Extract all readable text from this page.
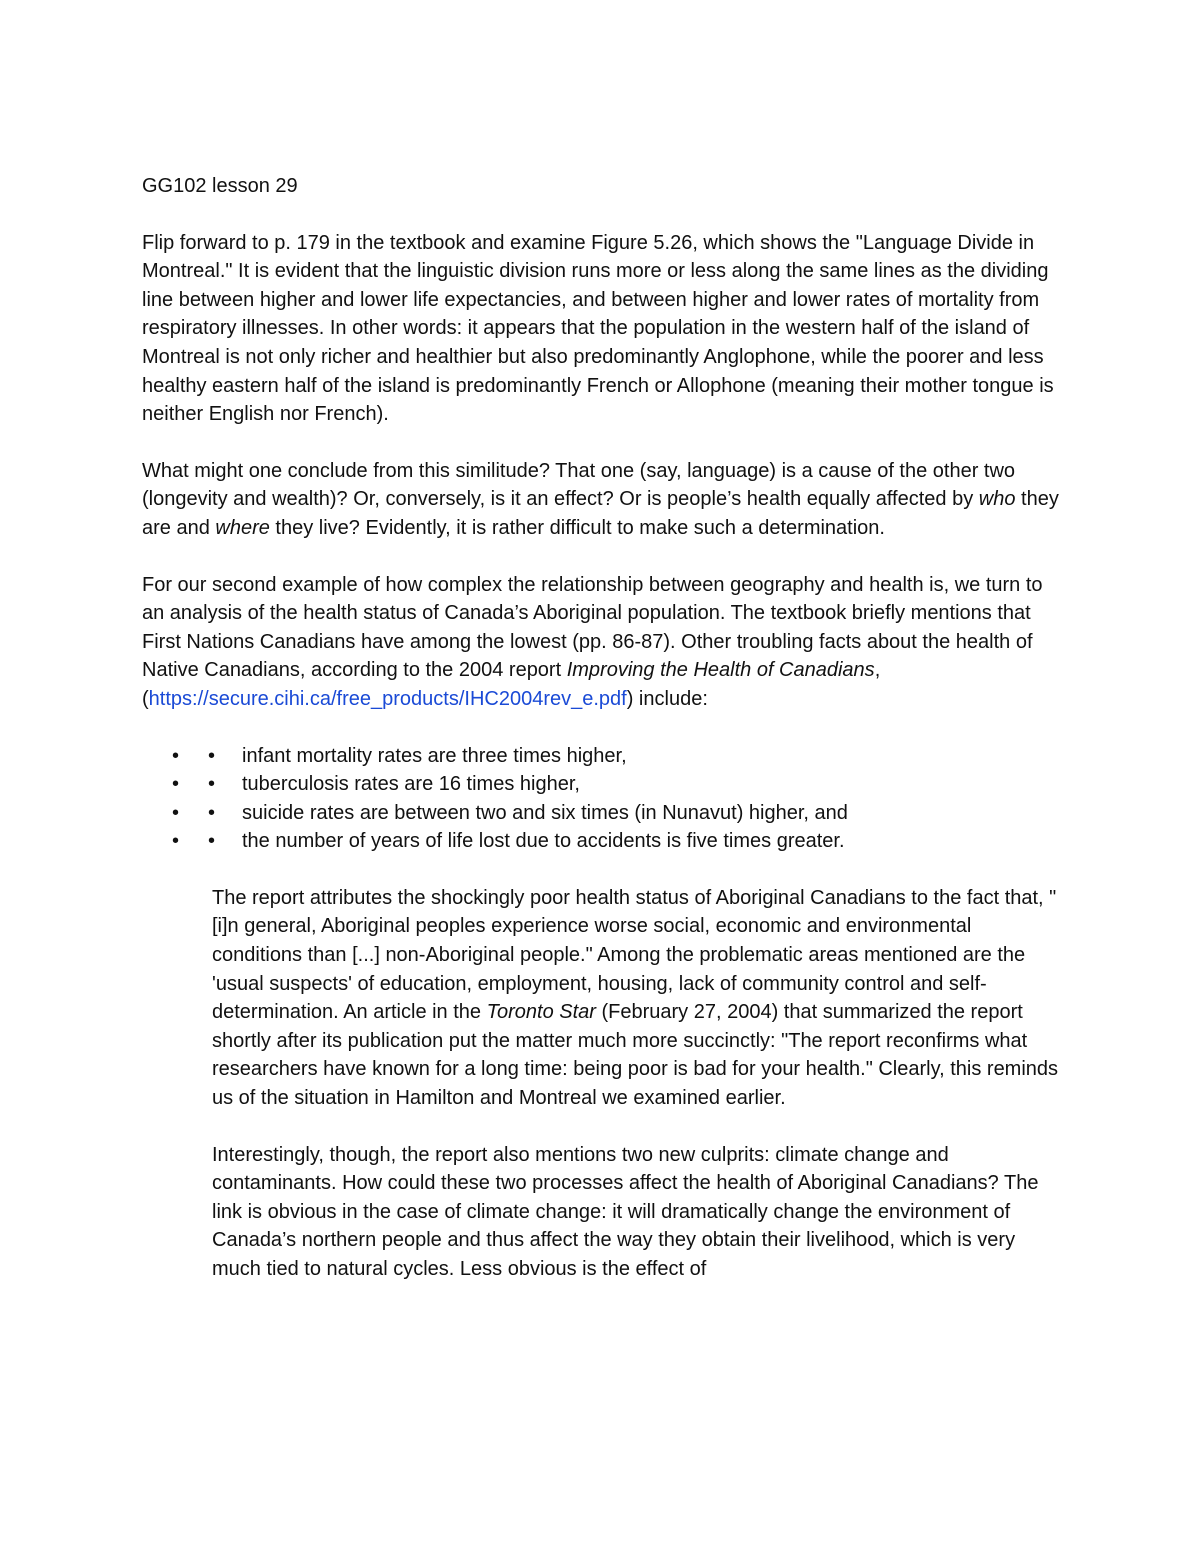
GG102 lesson 29

Flip forward to p. 179 in the textbook and examine Figure 5.26, which shows the "Language Divide in Montreal." It is evident that the linguistic division runs more or less along the same lines as the dividing line between higher and lower life expectancies, and between higher and lower rates of mortality from respiratory illnesses. In other words: it appears that the population in the western half of the island of Montreal is not only richer and healthier but also predominantly Anglophone, while the poorer and less healthy eastern half of the island is predominantly French or Allophone (meaning their mother tongue is neither English nor French).

What might one conclude from this similitude? That one (say, language) is a cause of the other two (longevity and wealth)? Or, conversely, is it an effect? Or is people’s health equally affected by who they are and where they live? Evidently, it is rather difficult to make such a determination.

For our second example of how complex the relationship between geography and health is, we turn to an analysis of the health status of Canada’s Aboriginal population. The textbook briefly mentions that First Nations Canadians have among the lowest (pp. 86-87). Other troubling facts about the health of Native Canadians, according to the 2004 report Improving the Health of Canadians, (https://secure.cihi.ca/free_products/IHC2004rev_e.pdf) include:

•	•	infant mortality rates are three times higher,
•	•	tuberculosis rates are 16 times higher,
•	•	suicide rates are between two and six times (in Nunavut) higher, and
•	•	the number of years of life lost due to accidents is five times greater.

The report attributes the shockingly poor health status of Aboriginal Canadians to the fact that, "[i]n general, Aboriginal peoples experience worse social, economic and environmental conditions than [...] non-Aboriginal people." Among the problematic areas mentioned are the 'usual suspects' of education, employment, housing, lack of community control and self- determination. An article in the Toronto Star (February 27, 2004) that summarized the report shortly after its publication put the matter much more succinctly: "The report reconfirms what researchers have known for a long time: being poor is bad for your health." Clearly, this reminds us of the situation in Hamilton and Montreal we examined earlier.

Interestingly, though, the report also mentions two new culprits: climate change and contaminants. How could these two processes affect the health of Aboriginal Canadians? The link is obvious in the case of climate change: it will dramatically change the environment of Canada’s northern people and thus affect the way they obtain their livelihood, which is very much tied to natural cycles. Less obvious is the effect of
